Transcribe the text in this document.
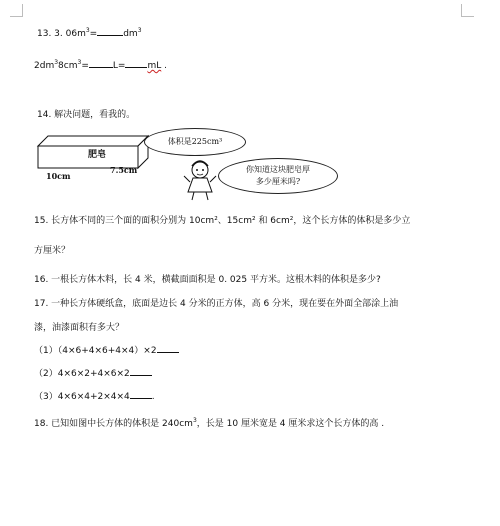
13. 3. $06m^3=$	$dm^3$
$2dm^38cm^3=$	L= mL .
14. 解决问题，看我的。
肥皂
10cm
7.5cm
体积是225cm³
你知道这块肥皂厚
多少厘米吗?
15. 长方体不同的三个面的面积分别为 10cm²、15cm² 和 6cm²，这个长方体的体积是多少立
方厘米？
16. 一根长方体木料，长 4 米，横截面面积是 0. 025 平方米。这根木料的体积是多少?
17. 一种长方体硬纸盒，底面是边长 4 分米的正方体，高 6 分米，现在要在外面全部涂上油
漆，油漆面积有多大？
（1）（4×6+4×6+4×4）×2
（2）4×6×2+4×6×2
（3）4×6×4+2×4×4 .
18. 已知如图中长方体的体积是 $240cm^3$，长是 10 厘米宽是 4 厘米求这个长方体的高 .
